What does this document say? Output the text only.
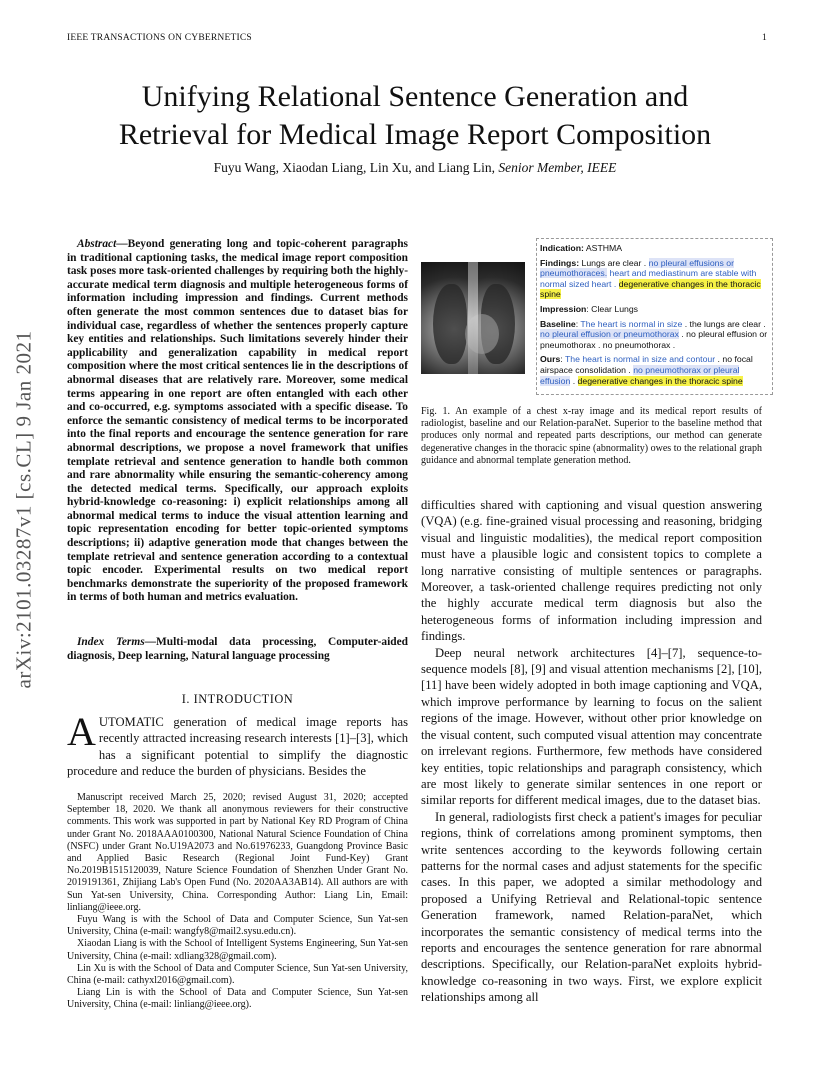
IEEE TRANSACTIONS ON CYBERNETICS	1
arXiv:2101.03287v1 [cs.CL] 9 Jan 2021
Unifying Relational Sentence Generation and
Retrieval for Medical Image Report Composition
Fuyu Wang, Xiaodan Liang, Lin Xu, and Liang Lin, Senior Member, IEEE
Abstract—Beyond generating long and topic-coherent paragraphs in traditional captioning tasks, the medical image report composition task poses more task-oriented challenges by requiring both the highly-accurate medical term diagnosis and multiple heterogeneous forms of information including impression and findings. Current methods often generate the most common sentences due to dataset bias for individual case, regardless of whether the sentences properly capture key entities and relationships. Such limitations severely hinder their applicability and generalization capability in medical report composition where the most critical sentences lie in the descriptions of abnormal diseases that are relatively rare. Moreover, some medical terms appearing in one report are often entangled with each other and co-occurred, e.g. symptoms associated with a specific disease. To enforce the semantic consistency of medical terms to be incorporated into the final reports and encourage the sentence generation for rare abnormal descriptions, we propose a novel framework that unifies template retrieval and sentence generation to handle both common and rare abnormality while ensuring the semantic-coherency among the detected medical terms. Specifically, our approach exploits hybrid-knowledge co-reasoning: i) explicit relationships among all abnormal medical terms to induce the visual attention learning and topic representation encoding for better topic-oriented symptoms descriptions; ii) adaptive generation mode that changes between the template retrieval and sentence generation according to a contextual topic encoder. Experimental results on two medical report benchmarks demonstrate the superiority of the proposed framework in terms of both human and metrics evaluation.
Index Terms—Multi-modal data processing, Computer-aided diagnosis, Deep learning, Natural language processing
I. INTRODUCTION
AUTOMATIC generation of medical image reports has recently attracted increasing research interests [1]–[3], which has a significant potential to simplify the diagnostic procedure and reduce the burden of physicians. Besides the

Manuscript received March 25, 2020; revised August 31, 2020; accepted September 18, 2020. We thank all anonymous reviewers for their constructive comments. This work was supported in part by National Key RD Program of China under Grant No. 2018AAA0100300, National Natural Science Foundation of China (NSFC) under Grant No.U19A2073 and No.61976233, Guangdong Province Basic and Applied Basic Research (Regional Joint Fund-Key) Grant No.2019B1515120039, Nature Science Foundation of Shenzhen Under Grant No. 2019191361, Zhijiang Lab's Open Fund (No. 2020AA3AB14). All authors are with Sun Yat-sen University, China. Corresponding Author: Liang Lin, Email: linliang@ieee.org.

Fuyu Wang is with the School of Data and Computer Science, Sun Yat-sen University, China (e-mail: wangfy8@mail2.sysu.edu.cn).

Xiaodan Liang is with the School of Intelligent Systems Engineering, Sun Yat-sen University, China (e-mail: xdliang328@gmail.com).

Lin Xu is with the School of Data and Computer Science, Sun Yat-sen University, China (e-mail: cathyxl2016@gmail.com).

Liang Lin is with the School of Data and Computer Science, Sun Yat-sen University, China (e-mail: linliang@ieee.org).

Indication: ASTHMA

Findings: Lungs are clear . no pleural effusions or pneumothoraces. heart and mediastinum are stable with normal sized heart . degenerative changes in the thoracic spine

Impression: Clear Lungs

Baseline: The heart is normal in size . the lungs are clear . no pleural effusion or pneumothorax . no pleural effusion or pneumothorax . no pneumothorax .

Ours: The heart is normal in size and contour . no focal airspace consolidation . no pneumothorax or pleural effusion . degenerative changes in the thoracic spine

Fig. 1. An example of a chest x-ray image and its medical report results of radiologist, baseline and our Relation-paraNet. Superior to the baseline method that produces only normal and repeated parts descriptions, our method can generate degenerative changes in the thoracic spine (abnormality) owes to the relational graph guidance and abnormal template generation method.

difficulties shared with captioning and visual question answering (VQA) (e.g. fine-grained visual processing and reasoning, bridging visual and linguistic modalities), the medical report composition must have a plausible logic and consistent topics to complete a long narrative consisting of multiple sentences or paragraphs. Moreover, a task-oriented challenge requires predicting not only the highly accurate medical term diagnosis but also the heterogeneous forms of information including impression and findings.

Deep neural network architectures [4]–[7], sequence-to-sequence models [8], [9] and visual attention mechanisms [2], [10], [11] have been widely adopted in both image captioning and VQA, which improve performance by learning to focus on the salient regions of the image. However, without other prior knowledge on the visual content, such computed visual attention may concentrate on irrelevant regions. Furthermore, few methods have considered key entities, topic relationships and paragraph consistency, which are most likely to generate similar sentences in one report or similar reports for different medical images, due to the dataset bias.

In general, radiologists first check a patient's images for peculiar regions, think of correlations among prominent symptoms, then write sentences according to the keywords following certain patterns for the normal cases and adjust statements for the specific cases. In this paper, we adopted a similar methodology and proposed a Unifying Retrieval and Relational-topic sentence Generation framework, named Relation-paraNet, which incorporates the semantic consistency of medical terms into the reports and encourages the sentence generation for rare abnormal descriptions. Specifically, our Relation-paraNet exploits hybrid-knowledge co-reasoning in two ways. First, we explore explicit relationships among all
